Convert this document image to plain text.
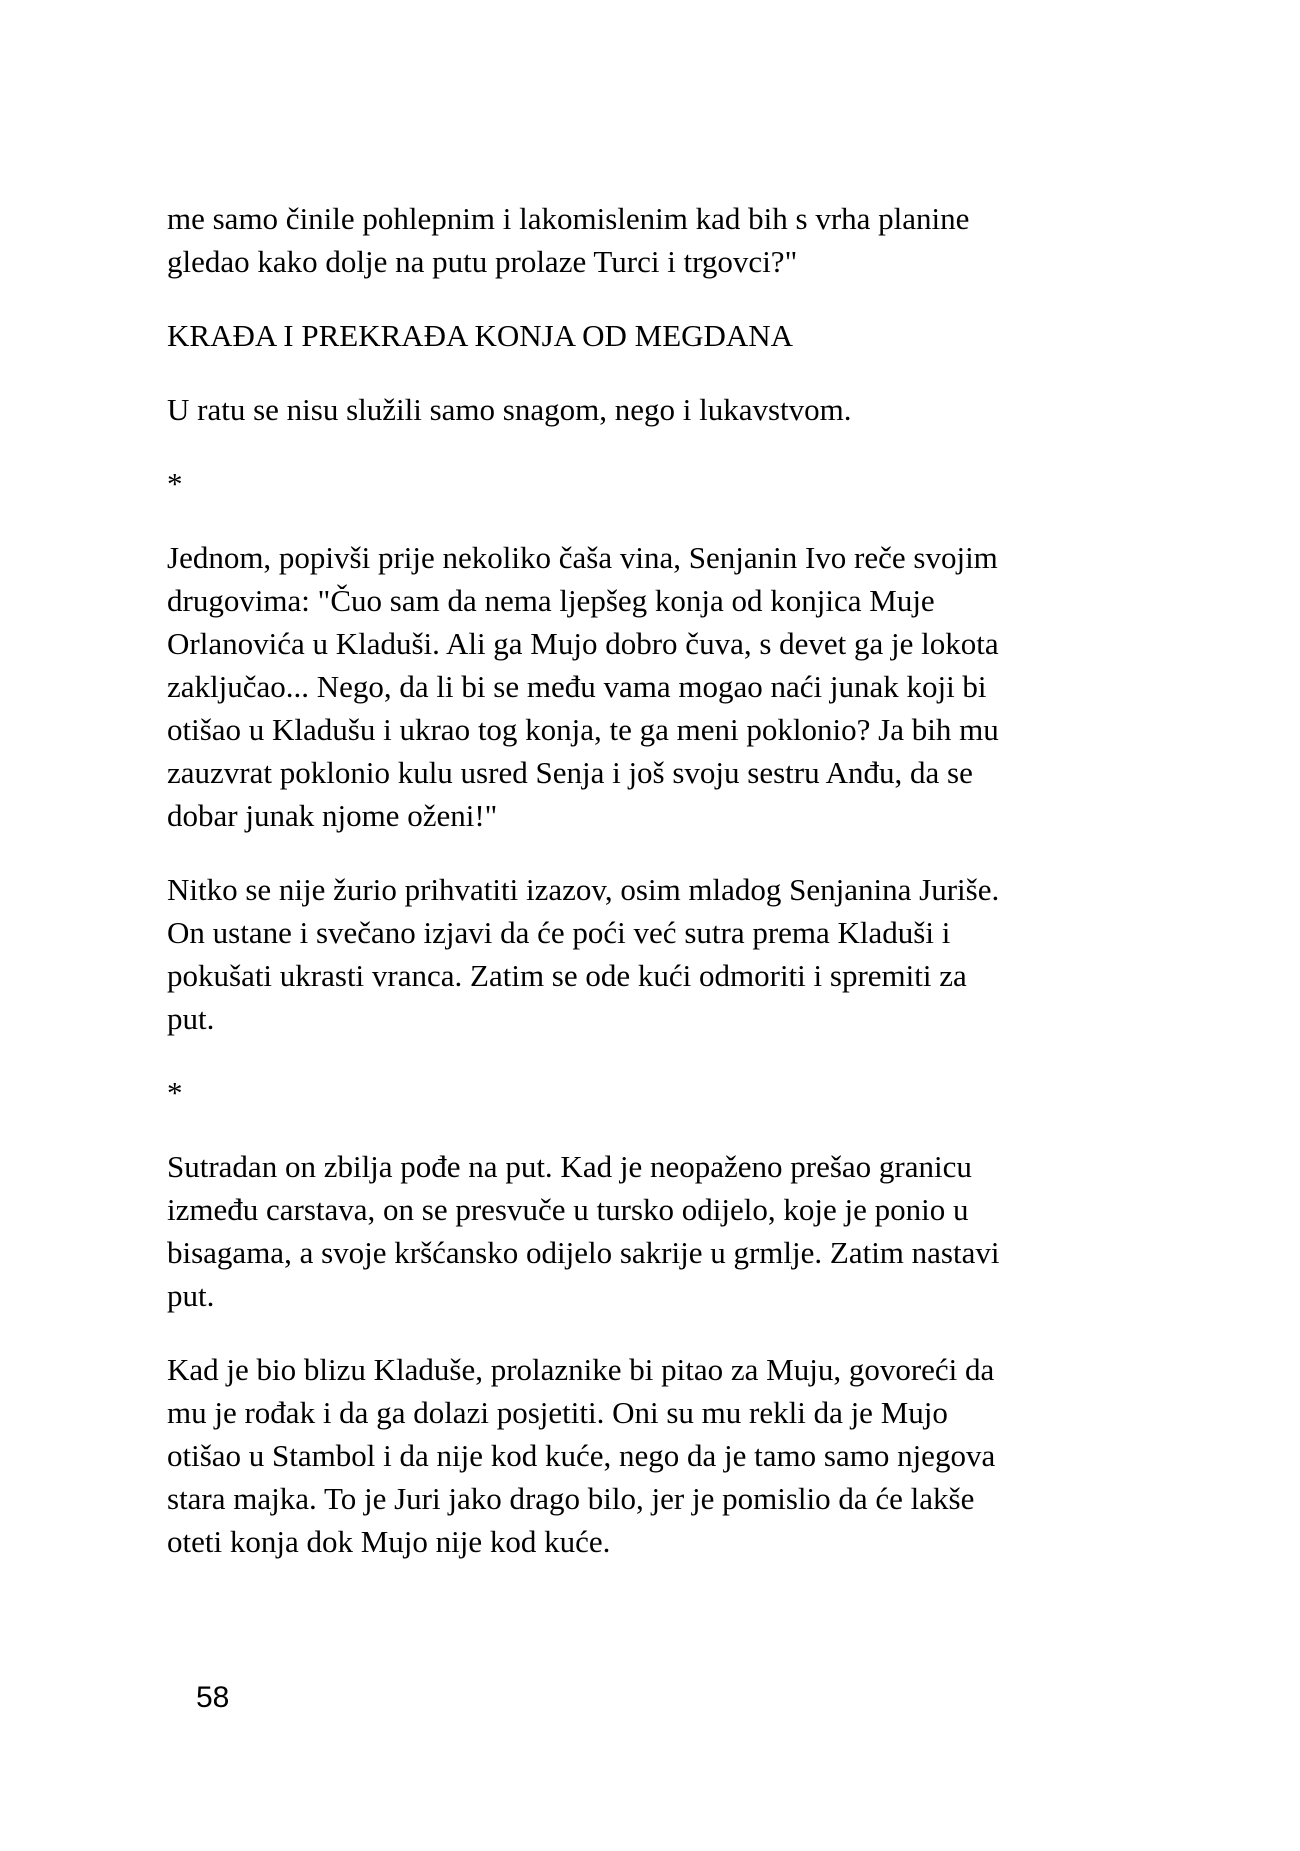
me samo činile pohlepnim i lakomislenim kad bih s vrha planine
gledao kako dolje na putu prolaze Turci i trgovci?"
KRAĐA I PREKRAĐA KONJA OD MEGDANA
U ratu se nisu služili samo snagom, nego i lukavstvom.
*
Jednom, popivši prije nekoliko čaša vina, Senjanin Ivo reče svojim
drugovima: "Čuo sam da nema ljepšeg konja od konjica Muje
Orlanovića u Kladuši. Ali ga Mujo dobro čuva, s devet ga je lokota
zaključao... Nego, da li bi se među vama mogao naći junak koji bi
otišao u Kladušu i ukrao tog konja, te ga meni poklonio? Ja bih mu
zauzvrat poklonio kulu usred Senja i još svoju sestru Anđu, da se
dobar junak njome oženi!"
Nitko se nije žurio prihvatiti izazov, osim mladog Senjanina Juriše.
On ustane i svečano izjavi da će poći već sutra prema Kladuši i
pokušati ukrasti vranca. Zatim se ode kući odmoriti i spremiti za
put.
*
Sutradan on zbilja pođe na put. Kad je neopaženo prešao granicu
između carstava, on se presvuče u tursko odijelo, koje je ponio u
bisagama, a svoje kršćansko odijelo sakrije u grmlje. Zatim nastavi
put.
Kad je bio blizu Kladuše, prolaznike bi pitao za Muju, govoreći da
mu je rođak i da ga dolazi posjetiti. Oni su mu rekli da je Mujo
otišao u Stambol i da nije kod kuće, nego da je tamo samo njegova
stara majka. To je Juri jako drago bilo, jer je pomislio da će lakše
oteti konja dok Mujo nije kod kuće.
58
